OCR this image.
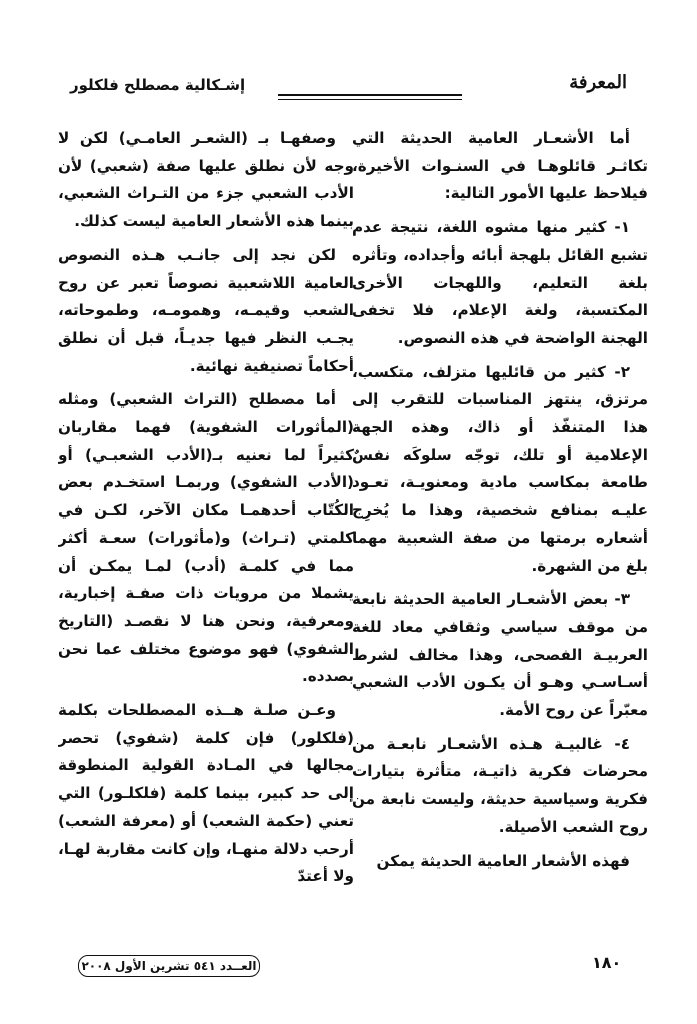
إشـكالية مصطلح فلكلور	المعرفة

أما الأشعـار العامية الحديثة التي تكاثـر قائلوهـا في السنـوات الأخيرة، فيلاحظ عليها الأمور التالية:

١- كثير منها مشوه اللغة، نتيجة عدم تشبع القائل بلهجة أبائه وأجداده، وتأثره بلغة التعليم، واللهجات الأخرى المكتسبة، ولغة الإعلام، فلا تخفى الهجنة الواضحة في هذه النصوص.

٢- كثير من قائليها متزلف، متكسب، مرتزق، ينتهز المناسبات للتقرب إلى هذا المتنفّذ أو ذاك، وهذه الجهة الإعلامية أو تلك، توجّه سلوكَه نفسٌ طامعة بمكاسب مادية ومعنويـة، تعـود عليـه بمنافع شخصية، وهذا ما يُخرِج أشعاره برمتها من صفة الشعبية مهما بلغ من الشهرة.

٣- بعض الأشعـار العامية الحديثة نابعة من موقف سياسي وثقافي معاد للغة العربيـة الفصحى، وهذا مخالف لشرط أسـاسـي وهـو أن يكـون الأدب الشعبي معبّراً عن روح الأمة.

٤- غالبيـة هـذه الأشعـار نابعـة من محرضات فكرية ذاتيـة، متأثرة بتيارات فكرية وسياسية حديثة، وليست نابعة من روح الشعب الأصيلة.

فهذه الأشعار العامية الحديثة يمكن

وصفهـا بـ (الشعـر العامـي) لكن لا وجه لأن نطلق عليها صفة (شعبي) لأن الأدب الشعبي جزء من التـراث الشعبي، بينما هذه الأشعار العامية ليست كذلك.

لكن نجد إلى جانـب هـذه النصوص العامية اللاشعبية نصوصاً تعبر عن روح الشعب وقيمـه، وهمومـه، وطموحاته، يجـب النظر فيها جديـاً، قبل أن نطلق أحكاماً تصنيفية نهائية.

أما مصطلح (التراث الشعبي) ومثله (المأثورات الشفوية) فهما مقاربان كثيراً لما نعنيه بـ(الأدب الشعبـي) أو (الأدب الشفوي) وربمـا استخـدم بعض الكُتّاب أحدهمـا مكان الآخر، لكـن في كلمتي (تـراث) و(مأثورات) سعـة أكثر مما في كلمـة (أدب) لمـا يمكـن أن يشملا من مرويات ذات صفـة إخبارية، ومعرفية، ونحن هنا لا نقصـد (التاريخ الشفوي) فهو موضوع مختلف عما نحن بصدده.

وعـن صلـة هــذه المصطلحات بكلمة (فلكلور) فإن كلمة (شفوي) تحصر مجالها في المـادة القولية المنطوقة إلى حد كبير، بينما كلمة (فلكلـور) التي تعني (حكمة الشعب) أو (معرفة الشعب) أرحب دلالة منهـا، وإن كانت مقاربة لهـا، ولا أعتدّ

العــدد ٥٤١ تشرين الأول ٢٠٠٨	١٨٠
